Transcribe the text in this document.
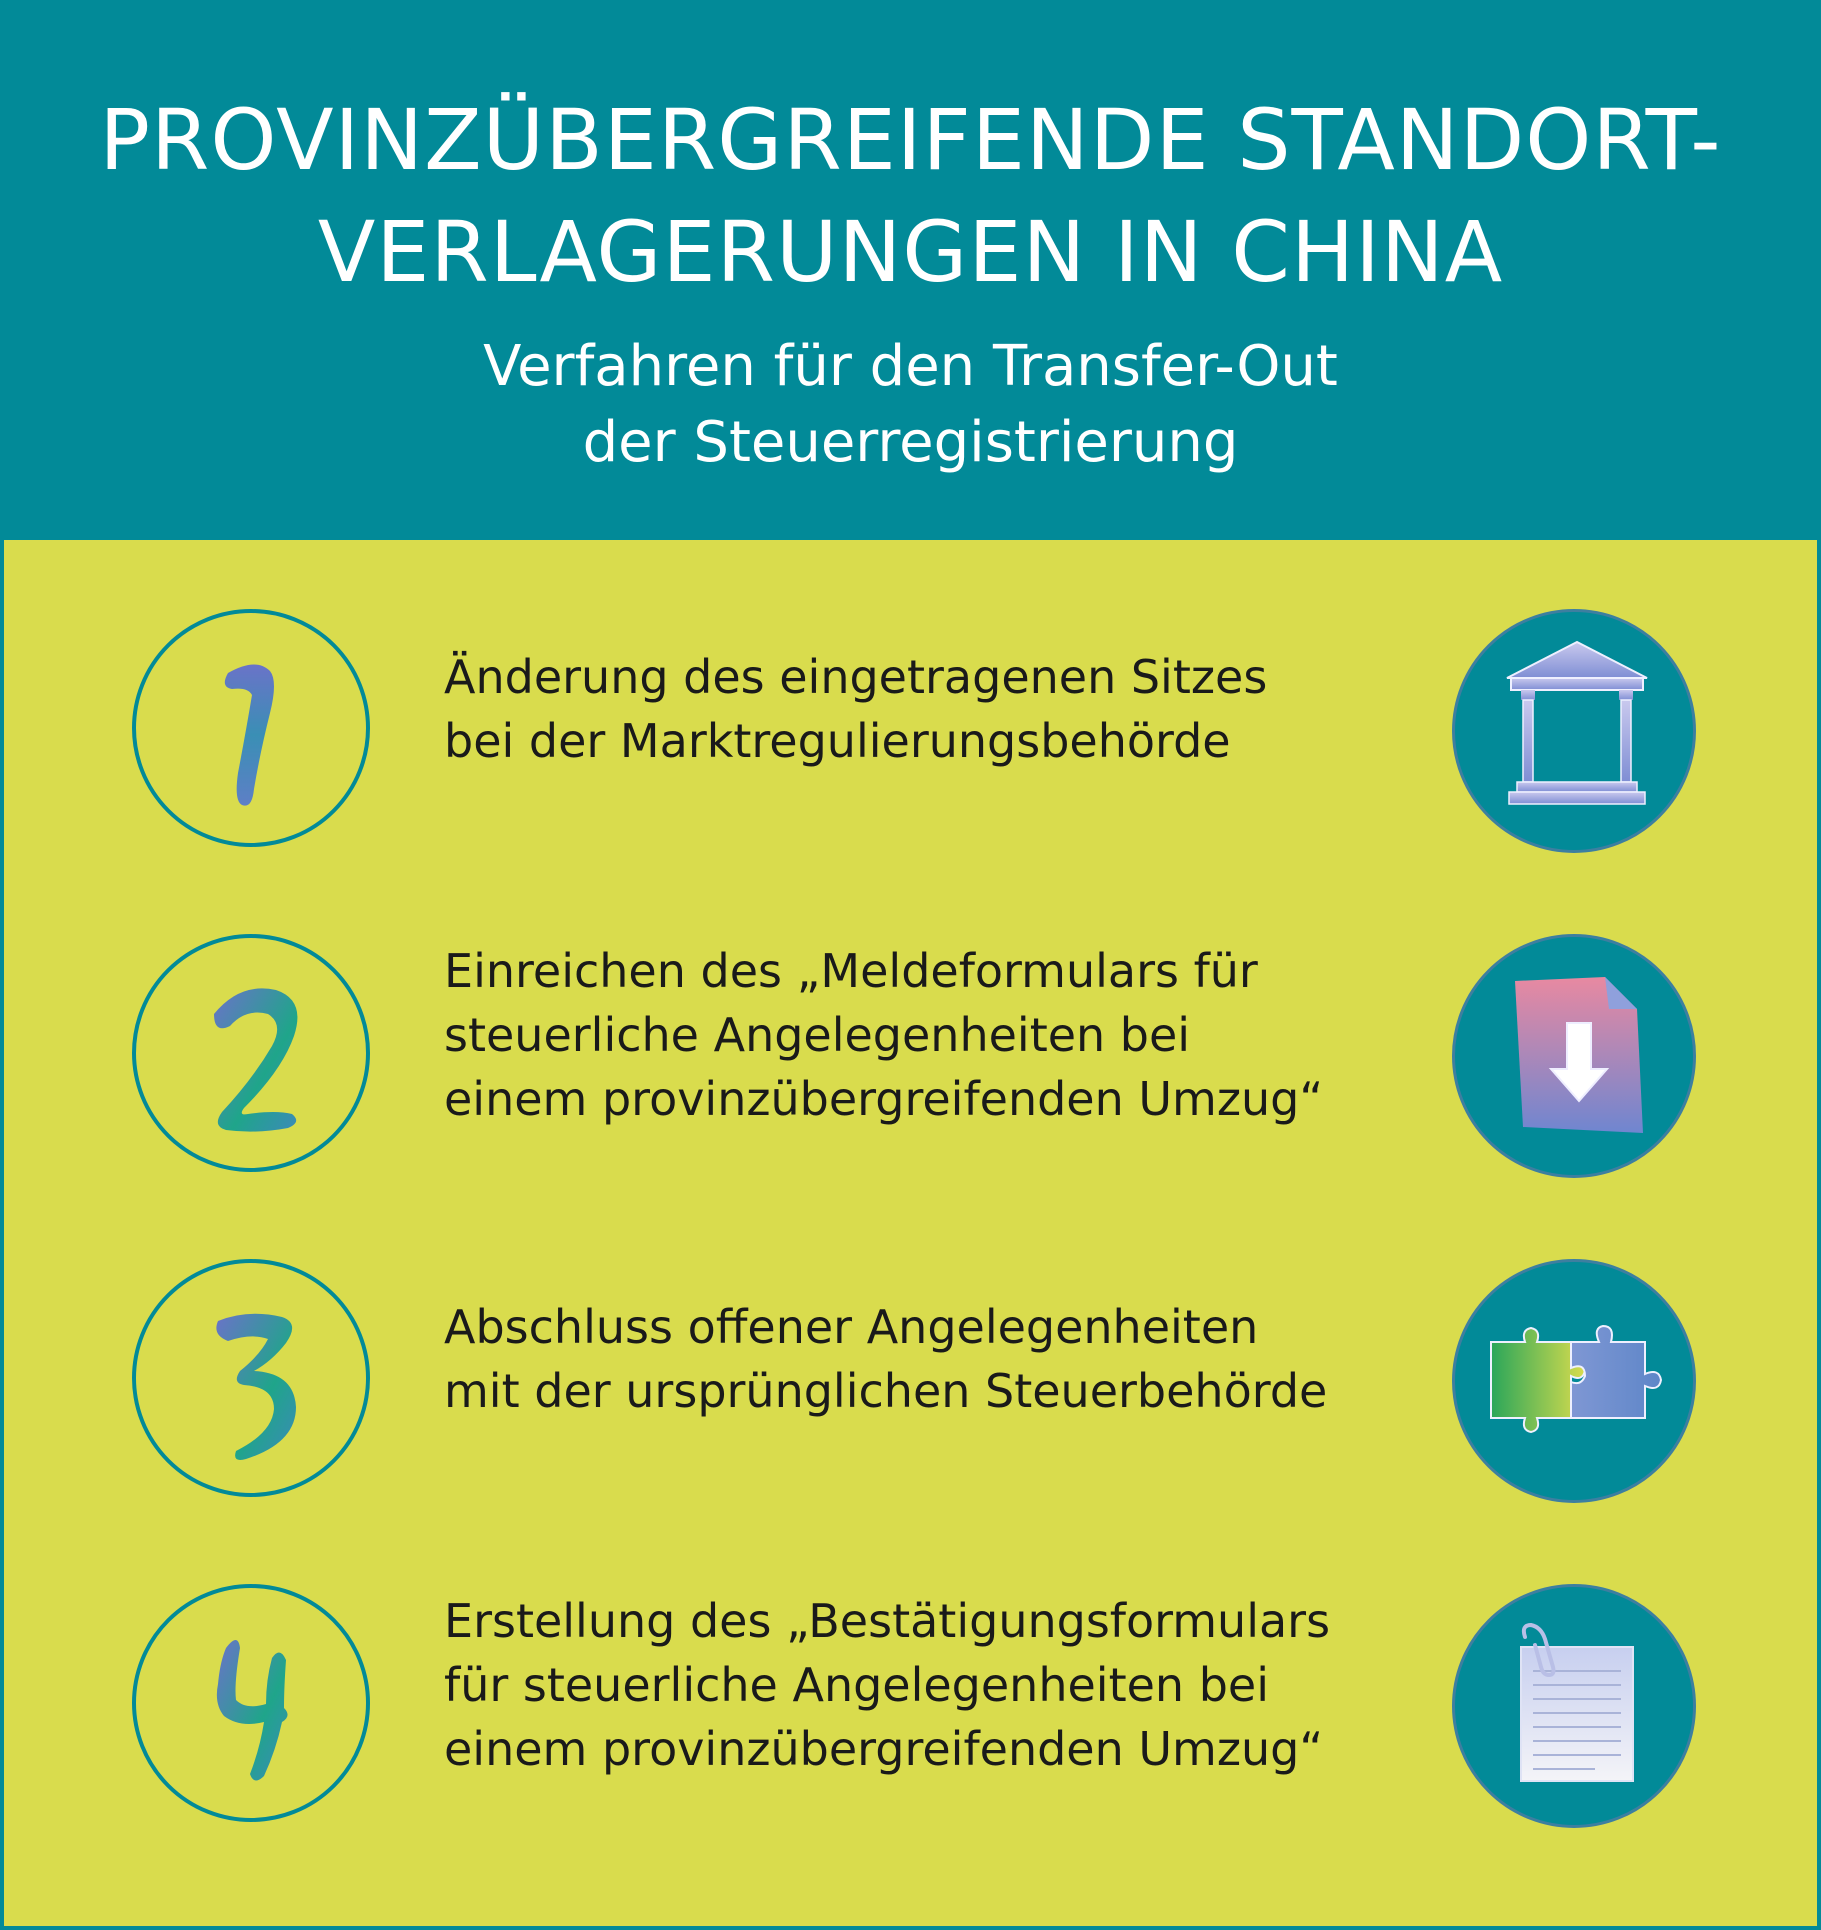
PROVINZÜBERGREIFENDE STANDORT-
VERLAGERUNGEN IN CHINA
Verfahren für den Transfer-Out
der Steuerregistrierung
Änderung des eingetragenen Sitzes
bei der Marktregulierungsbehörde
Einreichen des „Meldeformulars für
steuerliche Angelegenheiten bei
einem provinzübergreifenden Umzug“
Abschluss offener Angelegenheiten
mit der ursprünglichen Steuerbehörde
Erstellung des „Bestätigungsformulars
für steuerliche Angelegenheiten bei
einem provinzübergreifenden Umzug“
